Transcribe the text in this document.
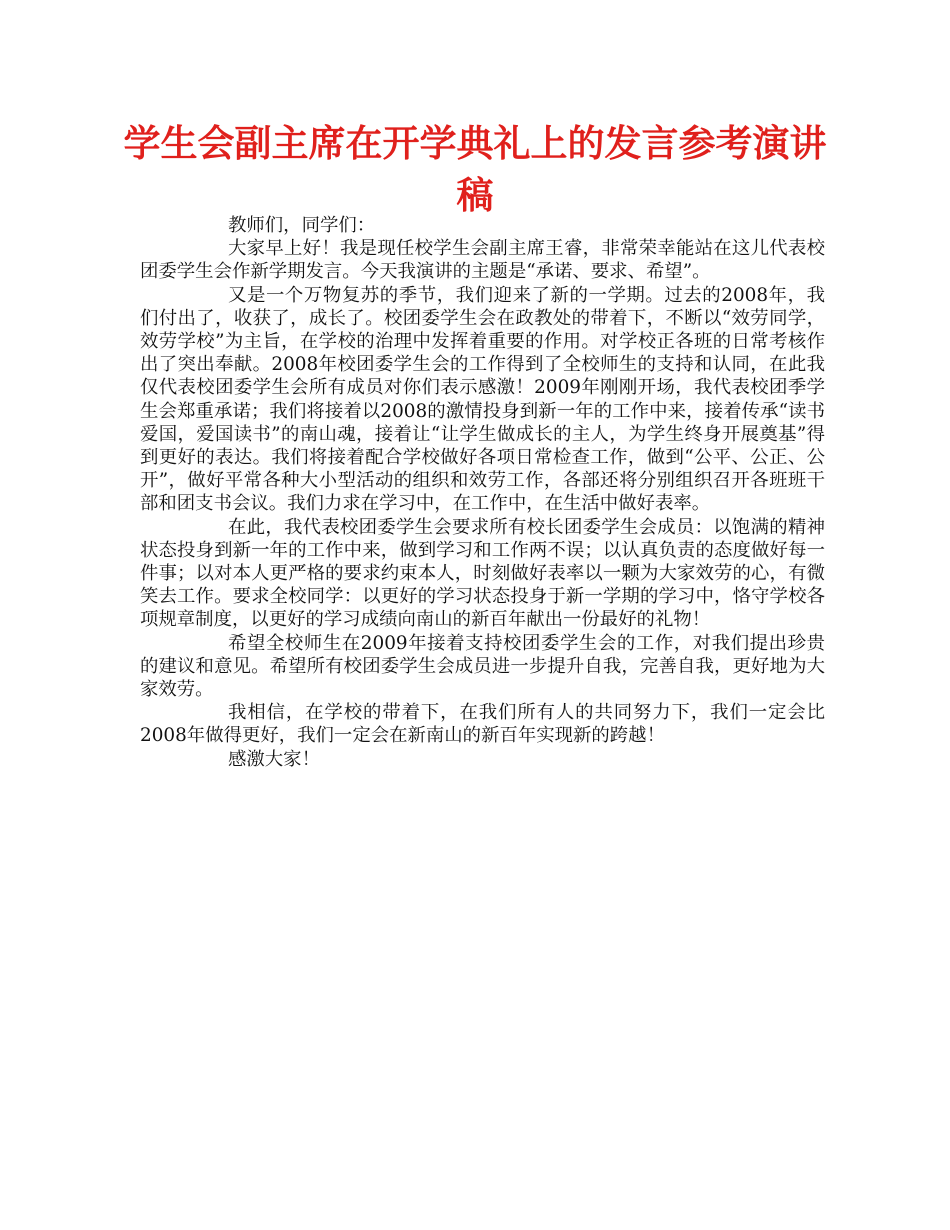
学生会副主席在开学典礼上的发言参考演讲稿

教师们，同学们：

大家早上好！我是现任校学生会副主席王睿，非常荣幸能站在这儿代表校团委学生会作新学期发言。今天我演讲的主题是“承诺、要求、希望”。

又是一个万物复苏的季节，我们迎来了新的一学期。过去的2008年，我们付出了，收获了，成长了。校团委学生会在政教处的带着下，不断以“效劳同学，效劳学校”为主旨，在学校的治理中发挥着重要的作用。对学校正各班的日常考核作出了突出奉献。2008年校团委学生会的工作得到了全校师生的支持和认同，在此我仅代表校团委学生会所有成员对你们表示感激！2009年刚刚开场，我代表校团季学生会郑重承诺；我们将接着以2008的激情投身到新一年的工作中来，接着传承“读书爱国，爱国读书”的南山魂，接着让“让学生做成长的主人，为学生终身开展奠基”得到更好的表达。我们将接着配合学校做好各项日常检查工作，做到“公平、公正、公开”，做好平常各种大小型活动的组织和效劳工作，各部还将分别组织召开各班班干部和团支书会议。我们力求在学习中，在工作中，在生活中做好表率。

在此，我代表校团委学生会要求所有校长团委学生会成员：以饱满的精神状态投身到新一年的工作中来，做到学习和工作两不误；以认真负责的态度做好每一件事；以对本人更严格的要求约束本人，时刻做好表率以一颗为大家效劳的心，有微笑去工作。要求全校同学：以更好的学习状态投身于新一学期的学习中，恪守学校各项规章制度，以更好的学习成绩向南山的新百年献出一份最好的礼物！

希望全校师生在2009年接着支持校团委学生会的工作，对我们提出珍贵的建议和意见。希望所有校团委学生会成员进一步提升自我，完善自我，更好地为大家效劳。

我相信，在学校的带着下，在我们所有人的共同努力下，我们一定会比2008年做得更好，我们一定会在新南山的新百年实现新的跨越！

感激大家！
